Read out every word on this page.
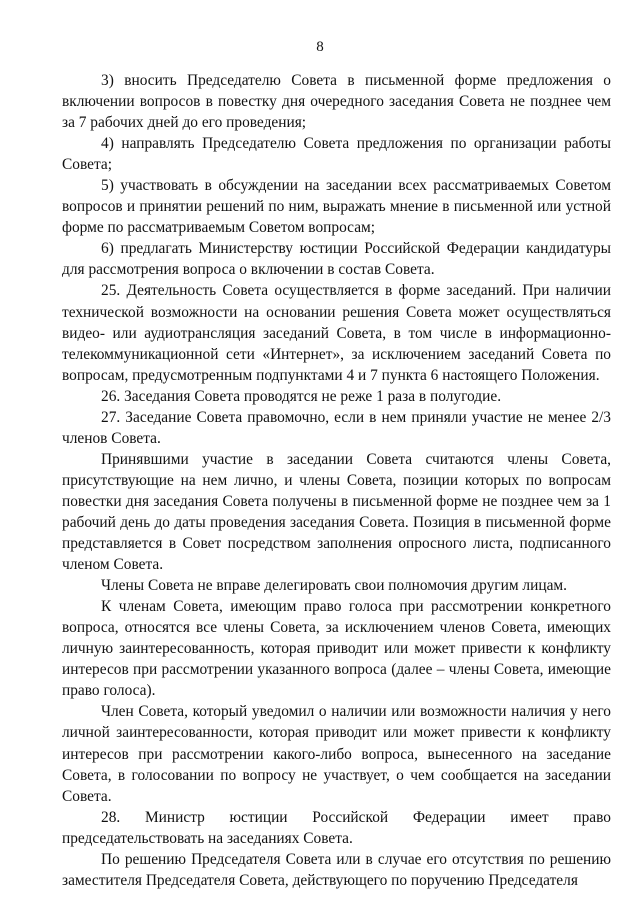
8

3) вносить Председателю Совета в письменной форме предложения о включении вопросов в повестку дня очередного заседания Совета не позднее чем за 7 рабочих дней до его проведения;

4) направлять Председателю Совета предложения по организации работы Совета;

5) участвовать в обсуждении на заседании всех рассматриваемых Советом вопросов и принятии решений по ним, выражать мнение в письменной или устной форме по рассматриваемым Советом вопросам;

6) предлагать Министерству юстиции Российской Федерации кандидатуры для рассмотрения вопроса о включении в состав Совета.

25. Деятельность Совета осуществляется в форме заседаний. При наличии технической возможности на основании решения Совета может осуществляться видео- или аудиотрансляция заседаний Совета, в том числе в информационно-телекоммуникационной сети «Интернет», за исключением заседаний Совета по вопросам, предусмотренным подпунктами 4 и 7 пункта 6 настоящего Положения.

26. Заседания Совета проводятся не реже 1 раза в полугодие.

27. Заседание Совета правомочно, если в нем приняли участие не менее 2/3 членов Совета.

Принявшими участие в заседании Совета считаются члены Совета, присутствующие на нем лично, и члены Совета, позиции которых по вопросам повестки дня заседания Совета получены в письменной форме не позднее чем за 1 рабочий день до даты проведения заседания Совета. Позиция в письменной форме представляется в Совет посредством заполнения опросного листа, подписанного членом Совета.

Члены Совета не вправе делегировать свои полномочия другим лицам.

К членам Совета, имеющим право голоса при рассмотрении конкретного вопроса, относятся все члены Совета, за исключением членов Совета, имеющих личную заинтересованность, которая приводит или может привести к конфликту интересов при рассмотрении указанного вопроса (далее – члены Совета, имеющие право голоса).

Член Совета, который уведомил о наличии или возможности наличия у него личной заинтересованности, которая приводит или может привести к конфликту интересов при рассмотрении какого-либо вопроса, вынесенного на заседание Совета, в голосовании по вопросу не участвует, о чем сообщается на заседании Совета.

28. Министр юстиции Российской Федерации имеет право председательствовать на заседаниях Совета.

По решению Председателя Совета или в случае его отсутствия по решению заместителя Председателя Совета, действующего по поручению Председателя
